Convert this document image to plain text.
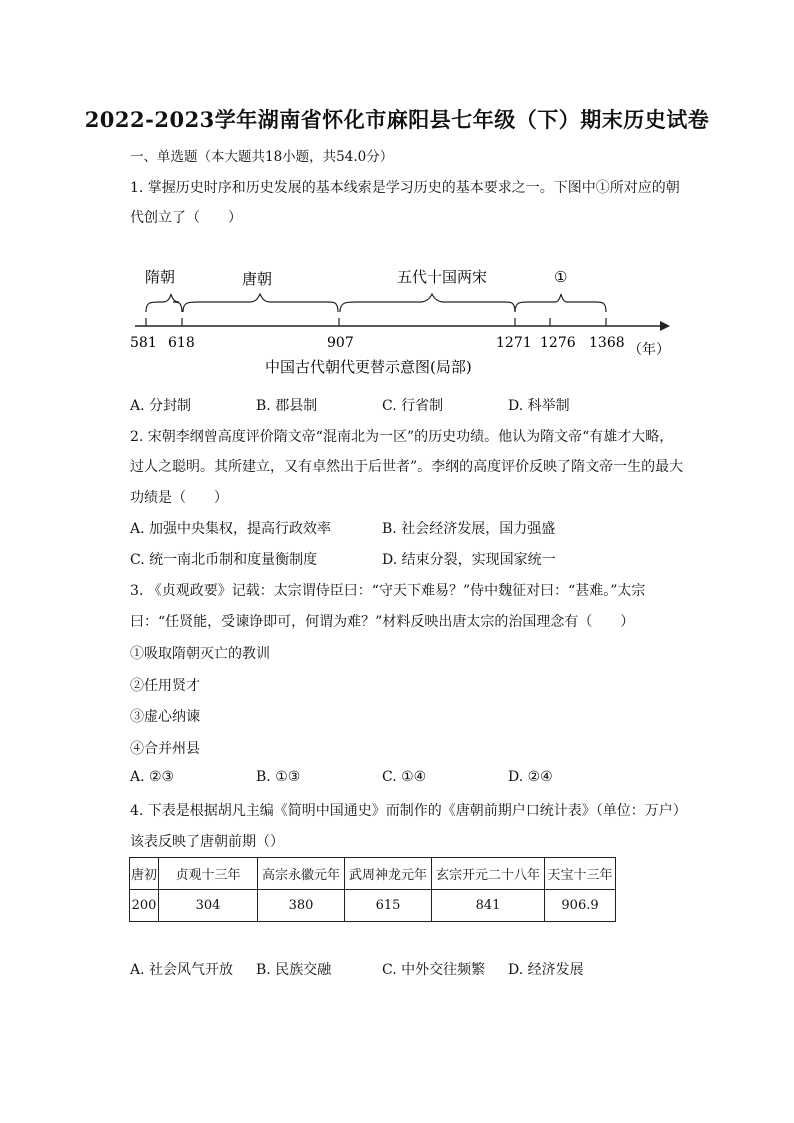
2022-2023学年湖南省怀化市麻阳县七年级（下）期末历史试卷
一、单选题（本大题共18小题，共54.0分）
1. 掌握历史时序和历史发展的基本线索是学习历史的基本要求之一。下图中①所对应的朝
代创立了（　　）
隋朝	唐朝	五代十国两宋	①
581 618	907	1271 1276 1368 （年）
中国古代朝代更替示意图(局部)
A. 分封制	B. 郡县制	C. 行省制	D. 科举制
2. 宋朝李纲曾高度评价隋文帝“混南北为一区”的历史功绩。他认为隋文帝“有雄才大略，
过人之聪明。其所建立，又有卓然出于后世者”。李纲的高度评价反映了隋文帝一生的最大
功绩是（　　）
A. 加强中央集权，提高行政效率	B. 社会经济发展，国力强盛
C. 统一南北币制和度量衡制度	D. 结束分裂，实现国家统一
3. 《贞观政要》记载：太宗谓侍臣曰：“守天下难易？”侍中魏征对曰：“甚难。”太宗
曰：“任贤能，受谏诤即可，何谓为难？”材料反映出唐太宗的治国理念有（　　）
①吸取隋朝灭亡的教训
②任用贤才
③虚心纳谏
④合并州县
A. ②③	B. ①③	C. ①④	D. ②④
4. 下表是根据胡凡主编《简明中国通史》而制作的《唐朝前期户口统计表》（单位：万户）
该表反映了唐朝前期（）
唐初	贞观十三年	高宗永徽元年	武周神龙元年	玄宗开元二十八年	天宝十三年
200	304	380	615	841	906.9
A. 社会风气开放 B. 民族交融	C. 中外交往频繁 D. 经济发展
